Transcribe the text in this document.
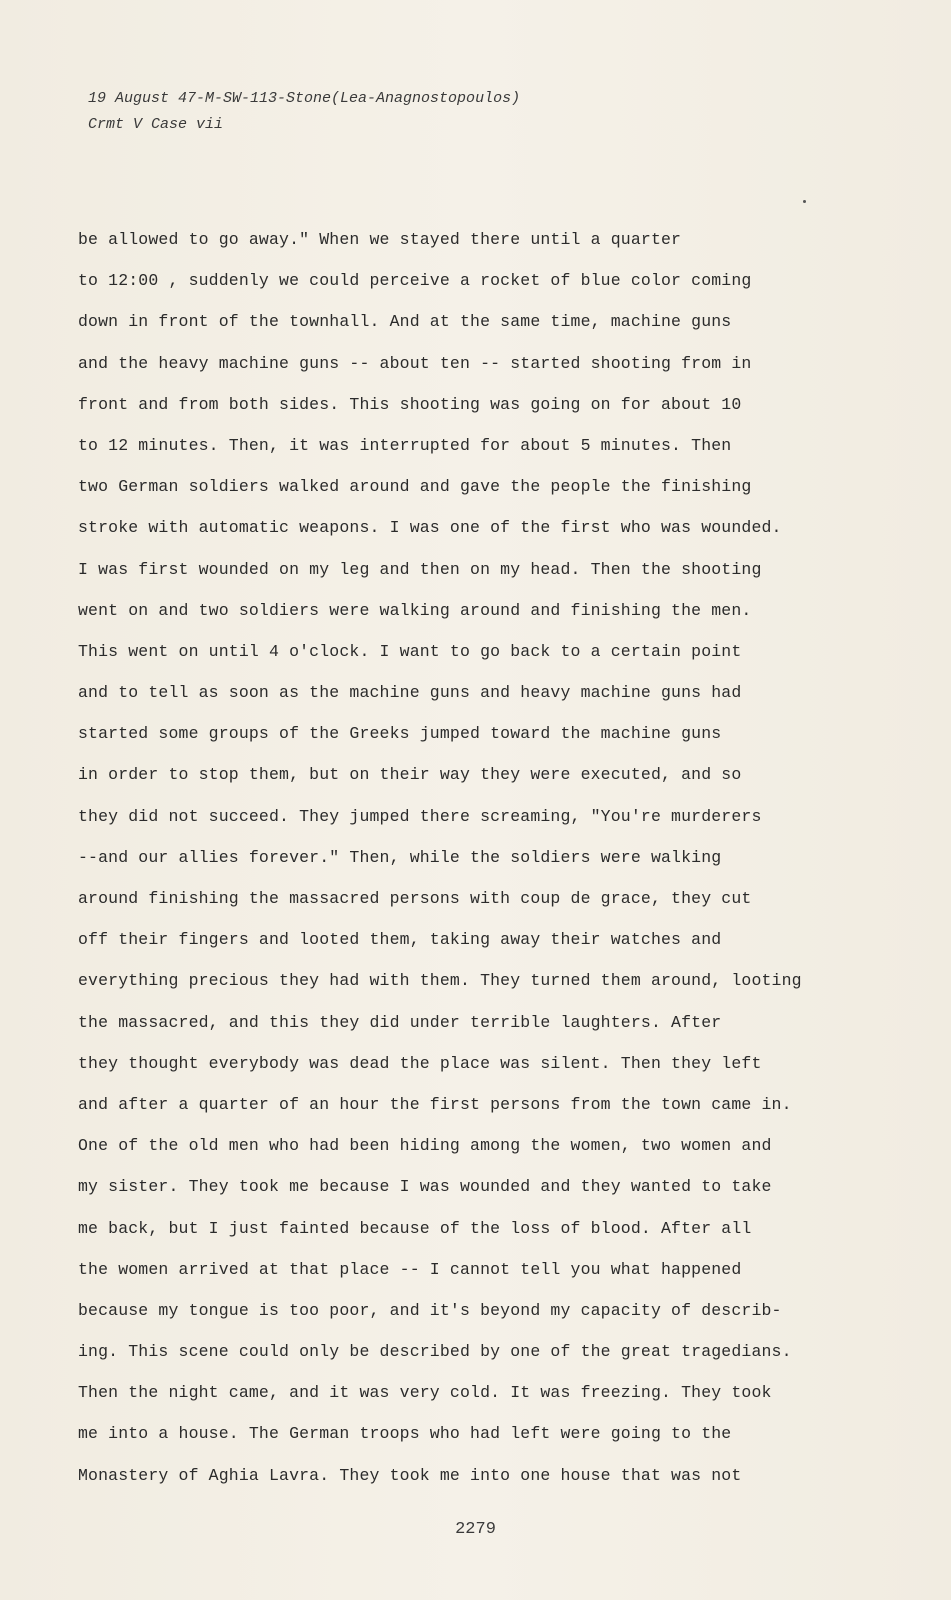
19 August 47-M-SW-113-Stone(Lea-Anagnostopoulos)
Crmt V Case vii
be allowed to go away." When we stayed there until a quarter
to 12:00 , suddenly we could perceive a rocket of blue color coming
down in front of the townhall. And at the same time, machine guns
and the heavy machine guns -- about ten -- started shooting from in
front and from both sides. This shooting was going on for about 10
to 12 minutes. Then, it was interrupted for about 5 minutes. Then
two German soldiers walked around and gave the people the finishing
stroke with automatic weapons. I was one of the first who was wounded.
I was first wounded on my leg and then on my head. Then the shooting
went on and two soldiers were walking around and finishing the men.
This went on until 4 o'clock. I want to go back to a certain point
and to tell as soon as the machine guns and heavy machine guns had
started some groups of the Greeks jumped toward the machine guns
in order to stop them, but on their way they were executed, and so
they did not succeed. They jumped there screaming, "You're murderers
--and our allies forever." Then, while the soldiers were walking
around finishing the massacred persons with coup de grace, they cut
off their fingers and looted them, taking away their watches and
everything precious they had with them. They turned them around, looting
the massacred, and this they did under terrible laughters. After
they thought everybody was dead the place was silent. Then they left
and after a quarter of an hour the first persons from the town came in.
One of the old men who had been hiding among the women, two women and
my sister. They took me because I was wounded and they wanted to take
me back, but I just fainted because of the loss of blood. After all
the women arrived at that place -- I cannot tell you what happened
because my tongue is too poor, and it's beyond my capacity of describ-
ing. This scene could only be described by one of the great tragedians.
Then the night came, and it was very cold. It was freezing. They took
me into a house. The German troops who had left were going to the
Monastery of Aghia Lavra. They took me into one house that was not
2279
